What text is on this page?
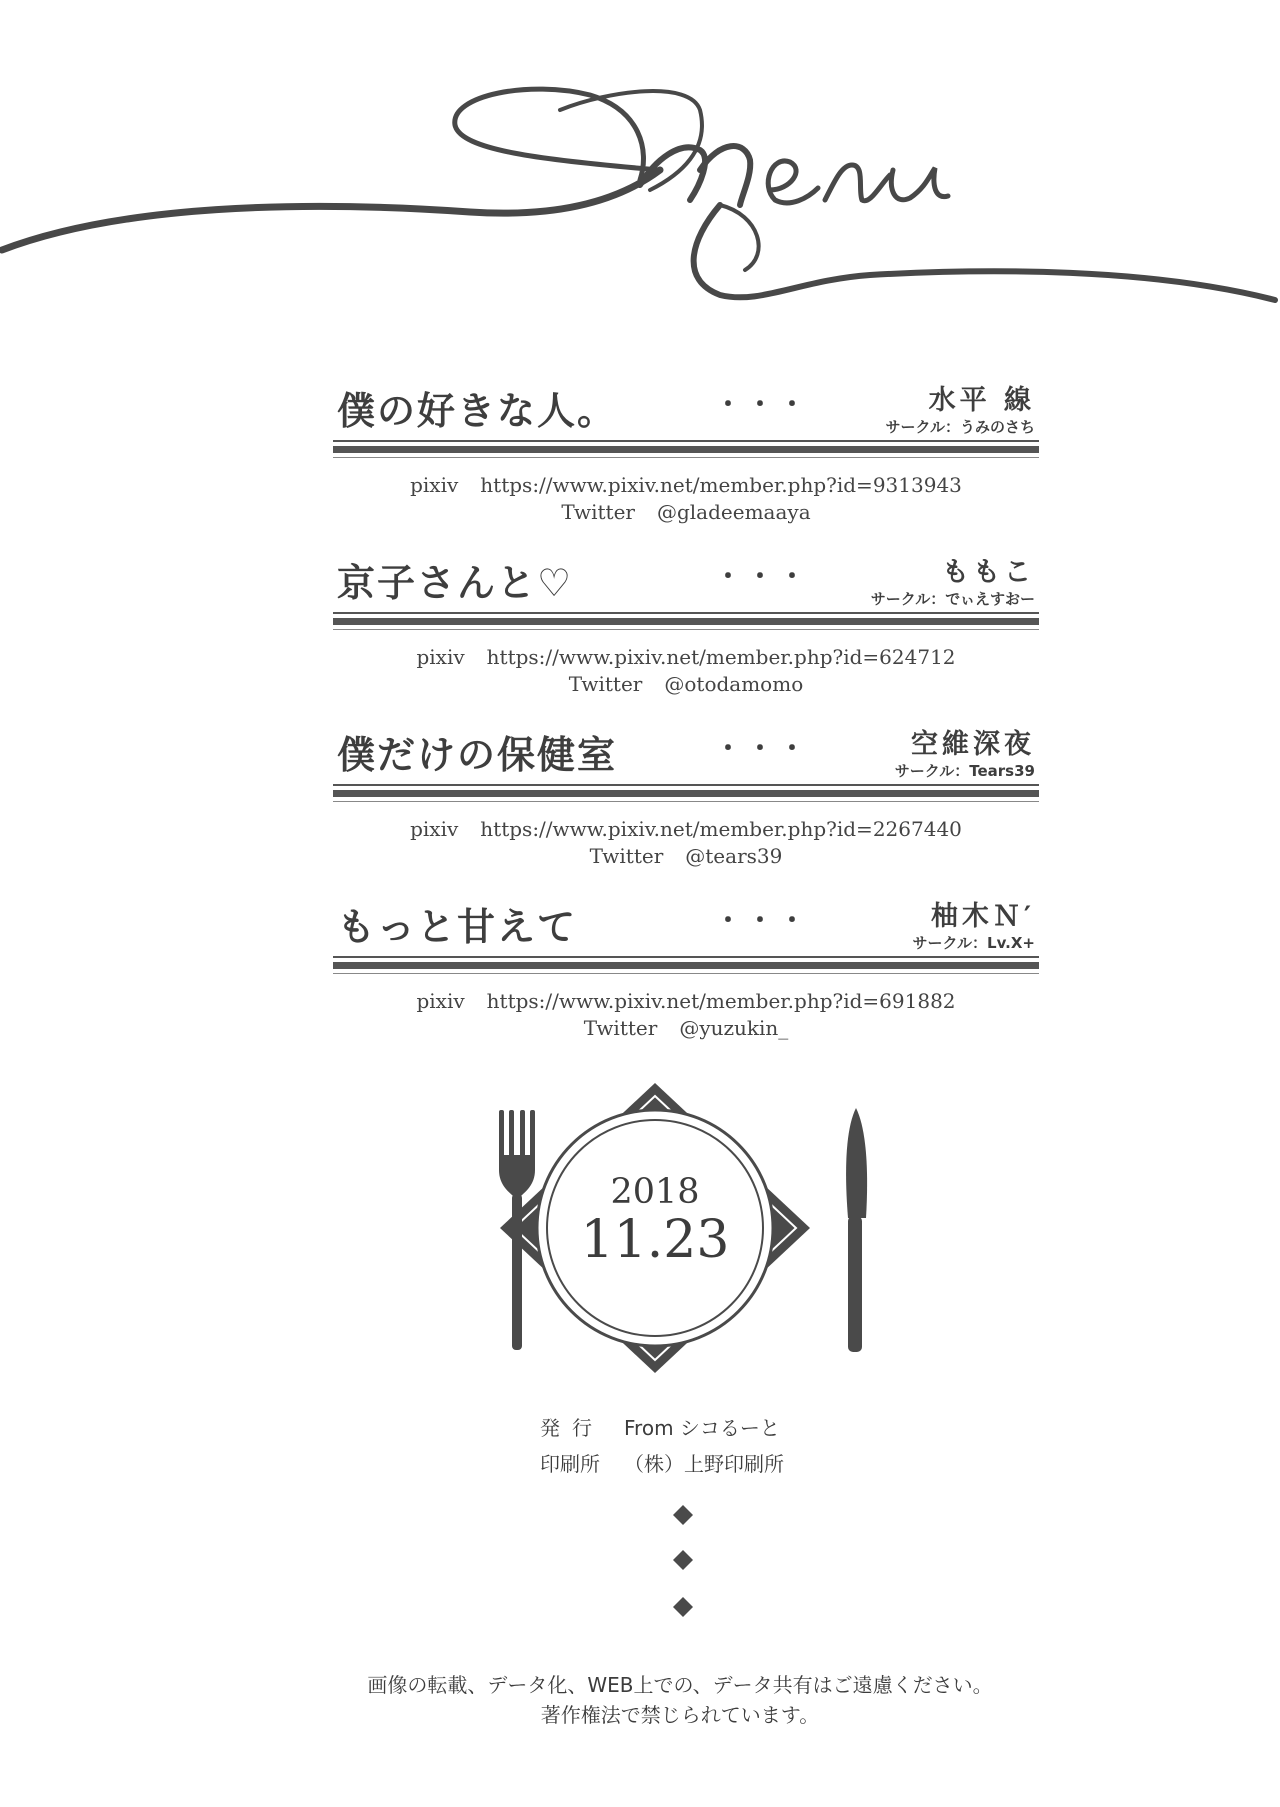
僕の好きな人。	・・・	水平 線
サークル：うみのさち
pixiv https://www.pixiv.net/member.php?id=9313943
Twitter @gladeemaaya
京子さんと♡	・・・	ももこ
サークル：でぃえすおー
pixiv https://www.pixiv.net/member.php?id=624712
Twitter @otodamomo
僕だけの保健室	・・・	空維深夜
サークル：Tears39
pixiv https://www.pixiv.net/member.php?id=2267440
Twitter @tears39
もっと甘えて	・・・	柚木Ｎ′
サークル：Lv.X+
pixiv https://www.pixiv.net/member.php?id=691882
Twitter @yuzukin_
2018
11.23
発行 From シコるーと
印刷所 （株）上野印刷所
画像の転載、データ化、WEB上での、データ共有はご遠慮ください。
著作権法で禁じられています。
